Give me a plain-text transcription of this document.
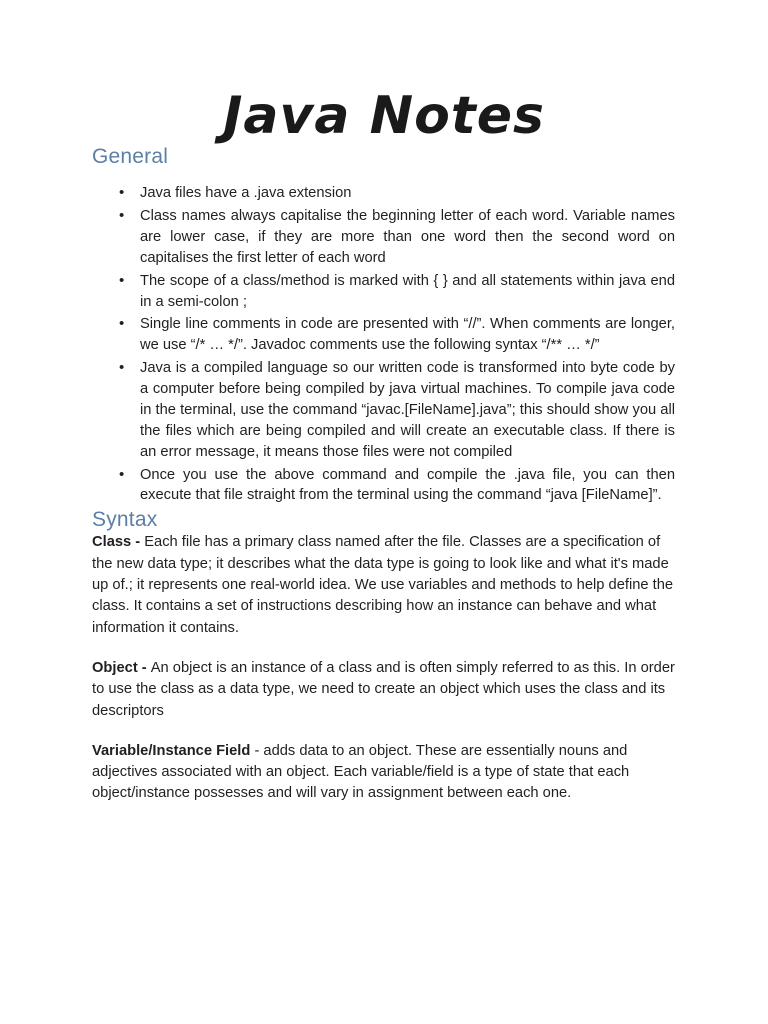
Java Notes
General
• Java files have a .java extension
• Class names always capitalise the beginning letter of each word. Variable names are lower case, if they are more than one word then the second word on capitalises the first letter of each word
• The scope of a class/method is marked with { } and all statements within java end in a semi-colon ;
• Single line comments in code are presented with “//”. When comments are longer, we use “/* … */”. Javadoc comments use the following syntax “/** … */”
• Java is a compiled language so our written code is transformed into byte code by a computer before being compiled by java virtual machines. To compile java code in the terminal, use the command “javac.[FileName].java”; this should show you all the files which are being compiled and will create an executable class. If there is an error message, it means those files were not compiled
• Once you use the above command and compile the .java file, you can then execute that file straight from the terminal using the command “java [FileName]”.
Syntax

Class - Each file has a primary class named after the file. Classes are a specification of the new data type; it describes what the data type is going to look like and what it's made up of.; it represents one real-world idea. We use variables and methods to help define the class. It contains a set of instructions describing how an instance can behave and what information it contains.

Object - An object is an instance of a class and is often simply referred to as this. In order to use the class as a data type, we need to create an object which uses the class and its descriptors

Variable/Instance Field - adds data to an object. These are essentially nouns and adjectives associated with an object. Each variable/field is a type of state that each object/instance possesses and will vary in assignment between each one.
